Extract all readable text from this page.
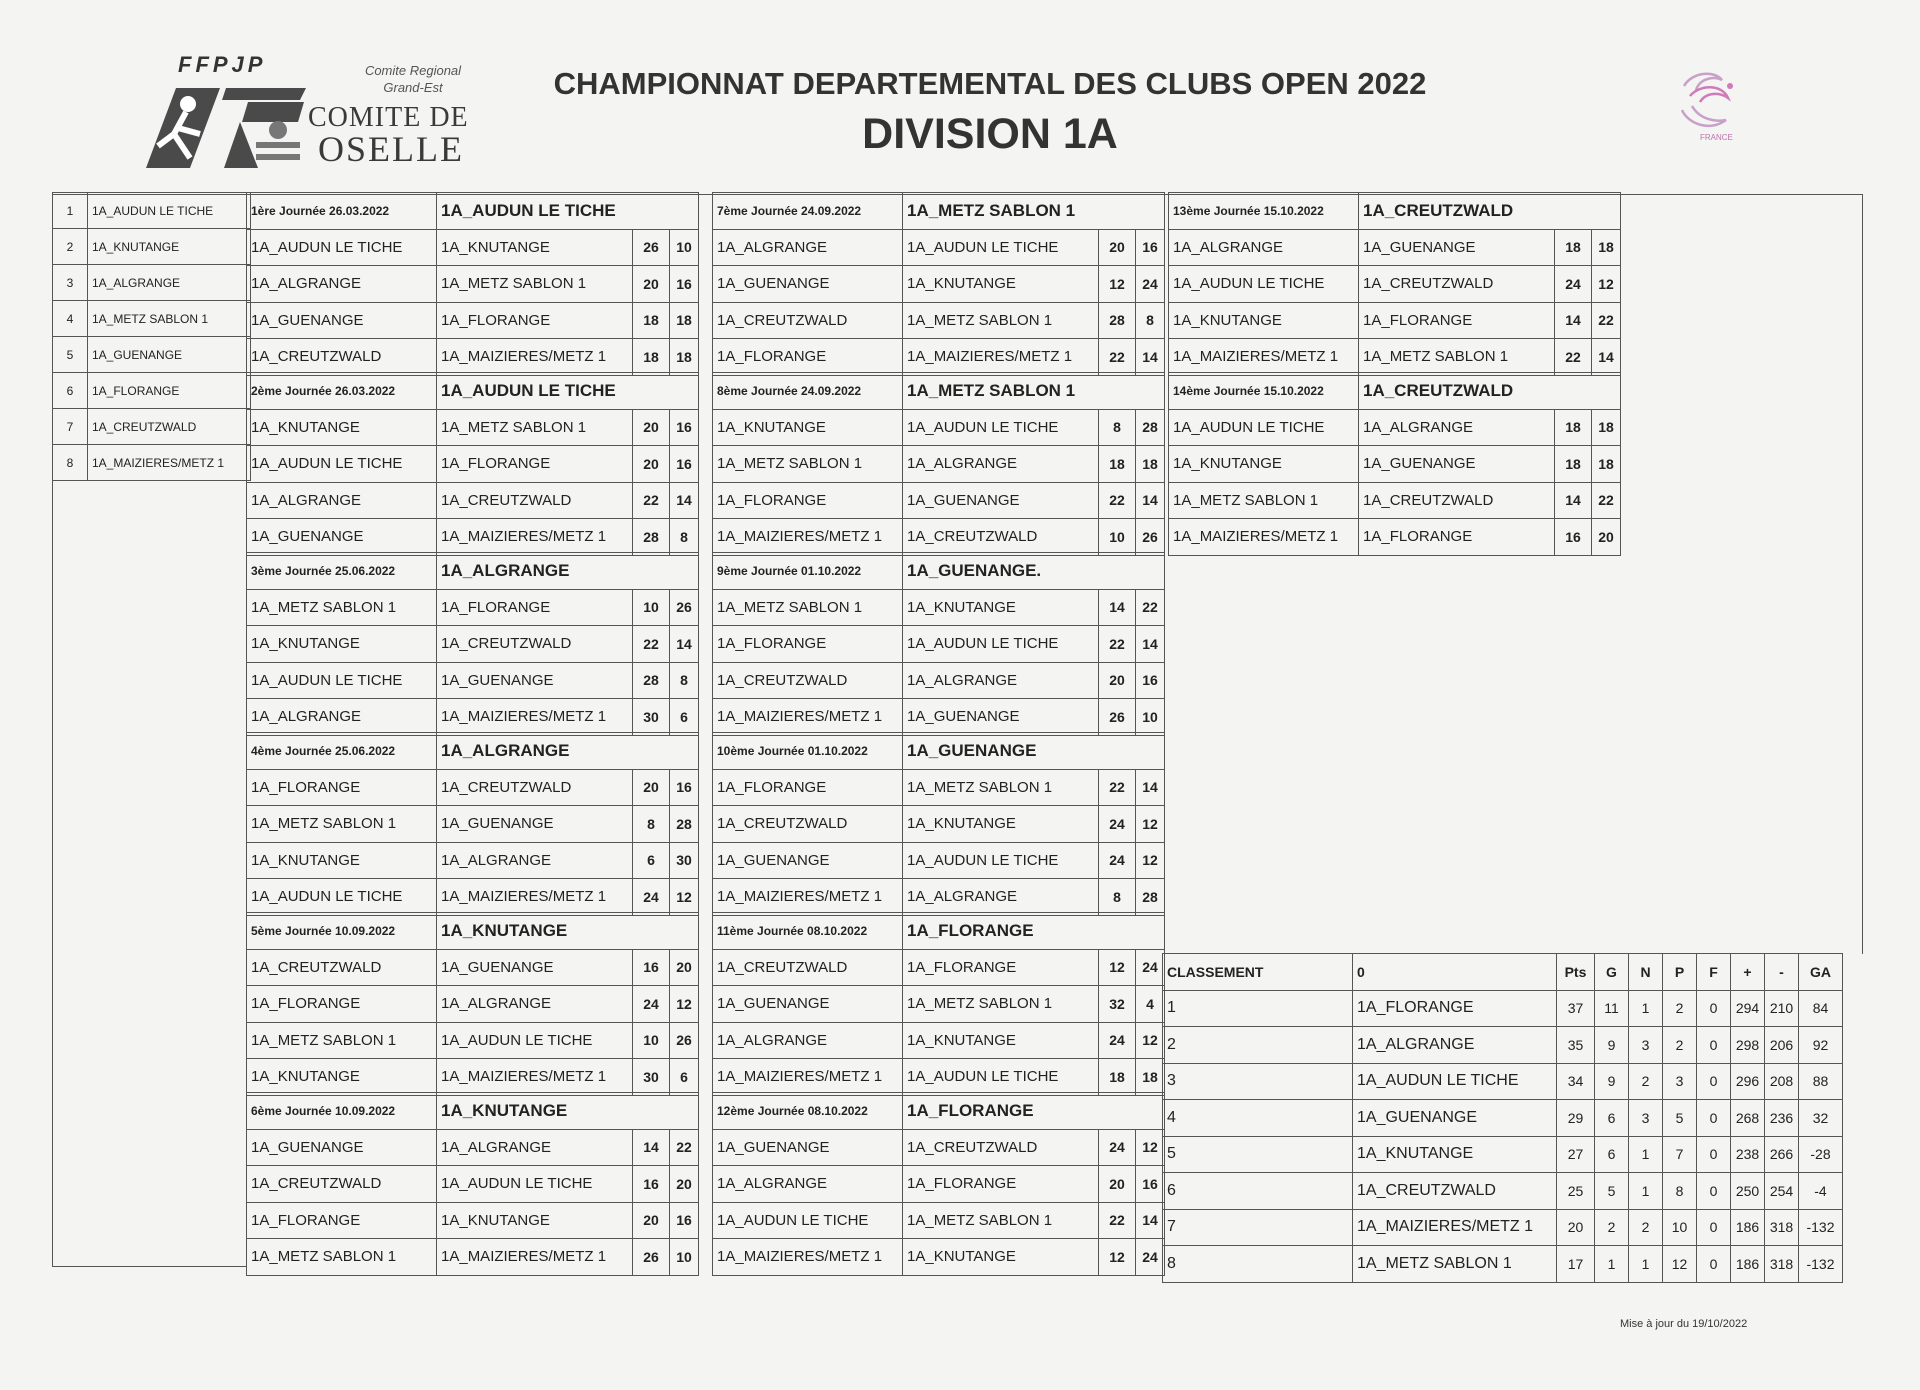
FFPJP	Comite Regional
Grand-Est
COMITE DE
OSELLE
CHAMPIONNAT DEPARTEMENTAL DES CLUBS OPEN 2022
DIVISION 1A	FRANCE
1	1A_AUDUN LE TICHE
2	1A_KNUTANGE
3	1A_ALGRANGE
4	1A_METZ SABLON 1
5	1A_GUENANGE
6	1A_FLORANGE
7	1A_CREUTZWALD
8	1A_MAIZIERES/METZ 1
1ère Journée 26.03.2022	1A_AUDUN LE TICHE		
1A_AUDUN LE TICHE	1A_KNUTANGE	26	10
1A_ALGRANGE	1A_METZ SABLON 1	20	16
1A_GUENANGE	1A_FLORANGE	18	18
1A_CREUTZWALD	1A_MAIZIERES/METZ 1	18	18
2ème Journée 26.03.2022	1A_AUDUN LE TICHE		
1A_KNUTANGE	1A_METZ SABLON 1	20	16
1A_AUDUN LE TICHE	1A_FLORANGE	20	16
1A_ALGRANGE	1A_CREUTZWALD	22	14
1A_GUENANGE	1A_MAIZIERES/METZ 1	28	8
3ème Journée 25.06.2022	1A_ALGRANGE		
1A_METZ SABLON 1	1A_FLORANGE	10	26
1A_KNUTANGE	1A_CREUTZWALD	22	14
1A_AUDUN LE TICHE	1A_GUENANGE	28	8
1A_ALGRANGE	1A_MAIZIERES/METZ 1	30	6
4ème Journée 25.06.2022	1A_ALGRANGE		
1A_FLORANGE	1A_CREUTZWALD	20	16
1A_METZ SABLON 1	1A_GUENANGE	8	28
1A_KNUTANGE	1A_ALGRANGE	6	30
1A_AUDUN LE TICHE	1A_MAIZIERES/METZ 1	24	12
5ème Journée 10.09.2022	1A_KNUTANGE		
1A_CREUTZWALD	1A_GUENANGE	16	20
1A_FLORANGE	1A_ALGRANGE	24	12
1A_METZ SABLON 1	1A_AUDUN LE TICHE	10	26
1A_KNUTANGE	1A_MAIZIERES/METZ 1	30	6
6ème Journée 10.09.2022	1A_KNUTANGE		
1A_GUENANGE	1A_ALGRANGE	14	22
1A_CREUTZWALD	1A_AUDUN LE TICHE	16	20
1A_FLORANGE	1A_KNUTANGE	20	16
1A_METZ SABLON 1	1A_MAIZIERES/METZ 1	26	10
7ème Journée 24.09.2022	1A_METZ SABLON 1		
1A_ALGRANGE	1A_AUDUN LE TICHE	20	16
1A_GUENANGE	1A_KNUTANGE	12	24
1A_CREUTZWALD	1A_METZ SABLON 1	28	8
1A_FLORANGE	1A_MAIZIERES/METZ 1	22	14
8ème Journée 24.09.2022	1A_METZ SABLON 1		
1A_KNUTANGE	1A_AUDUN LE TICHE	8	28
1A_METZ SABLON 1	1A_ALGRANGE	18	18
1A_FLORANGE	1A_GUENANGE	22	14
1A_MAIZIERES/METZ 1	1A_CREUTZWALD	10	26
9ème Journée 01.10.2022	1A_GUENANGE.		
1A_METZ SABLON 1	1A_KNUTANGE	14	22
1A_FLORANGE	1A_AUDUN LE TICHE	22	14
1A_CREUTZWALD	1A_ALGRANGE	20	16
1A_MAIZIERES/METZ 1	1A_GUENANGE	26	10
10ème Journée 01.10.2022	1A_GUENANGE		
1A_FLORANGE	1A_METZ SABLON 1	22	14
1A_CREUTZWALD	1A_KNUTANGE	24	12
1A_GUENANGE	1A_AUDUN LE TICHE	24	12
1A_MAIZIERES/METZ 1	1A_ALGRANGE	8	28
11ème Journée 08.10.2022	1A_FLORANGE		
1A_CREUTZWALD	1A_FLORANGE	12	24
1A_GUENANGE	1A_METZ SABLON 1	32	4
1A_ALGRANGE	1A_KNUTANGE	24	12
1A_MAIZIERES/METZ 1	1A_AUDUN LE TICHE	18	18
12ème Journée 08.10.2022	1A_FLORANGE		
1A_GUENANGE	1A_CREUTZWALD	24	12
1A_ALGRANGE	1A_FLORANGE	20	16
1A_AUDUN LE TICHE	1A_METZ SABLON 1	22	14
1A_MAIZIERES/METZ 1	1A_KNUTANGE	12	24
13ème Journée 15.10.2022	1A_CREUTZWALD		
1A_ALGRANGE	1A_GUENANGE	18	18
1A_AUDUN LE TICHE	1A_CREUTZWALD	24	12
1A_KNUTANGE	1A_FLORANGE	14	22
1A_MAIZIERES/METZ 1	1A_METZ SABLON 1	22	14
14ème Journée 15.10.2022	1A_CREUTZWALD		
1A_AUDUN LE TICHE	1A_ALGRANGE	18	18
1A_KNUTANGE	1A_GUENANGE	18	18
1A_METZ SABLON 1	1A_CREUTZWALD	14	22
1A_MAIZIERES/METZ 1	1A_FLORANGE	16	20
CLASSEMENT	0	Pts	G	N	P	F	+	-	GA
1	1A_FLORANGE	37	11	1	2	0	294	210	84
2	1A_ALGRANGE	35	9	3	2	0	298	206	92
3	1A_AUDUN LE TICHE	34	9	2	3	0	296	208	88
4	1A_GUENANGE	29	6	3	5	0	268	236	32
5	1A_KNUTANGE	27	6	1	7	0	238	266	-28
6	1A_CREUTZWALD	25	5	1	8	0	250	254	-4
7	1A_MAIZIERES/METZ 1	20	2	2	10	0	186	318	-132
8	1A_METZ SABLON 1	17	1	1	12	0	186	318	-132
Mise à jour du 19/10/2022
